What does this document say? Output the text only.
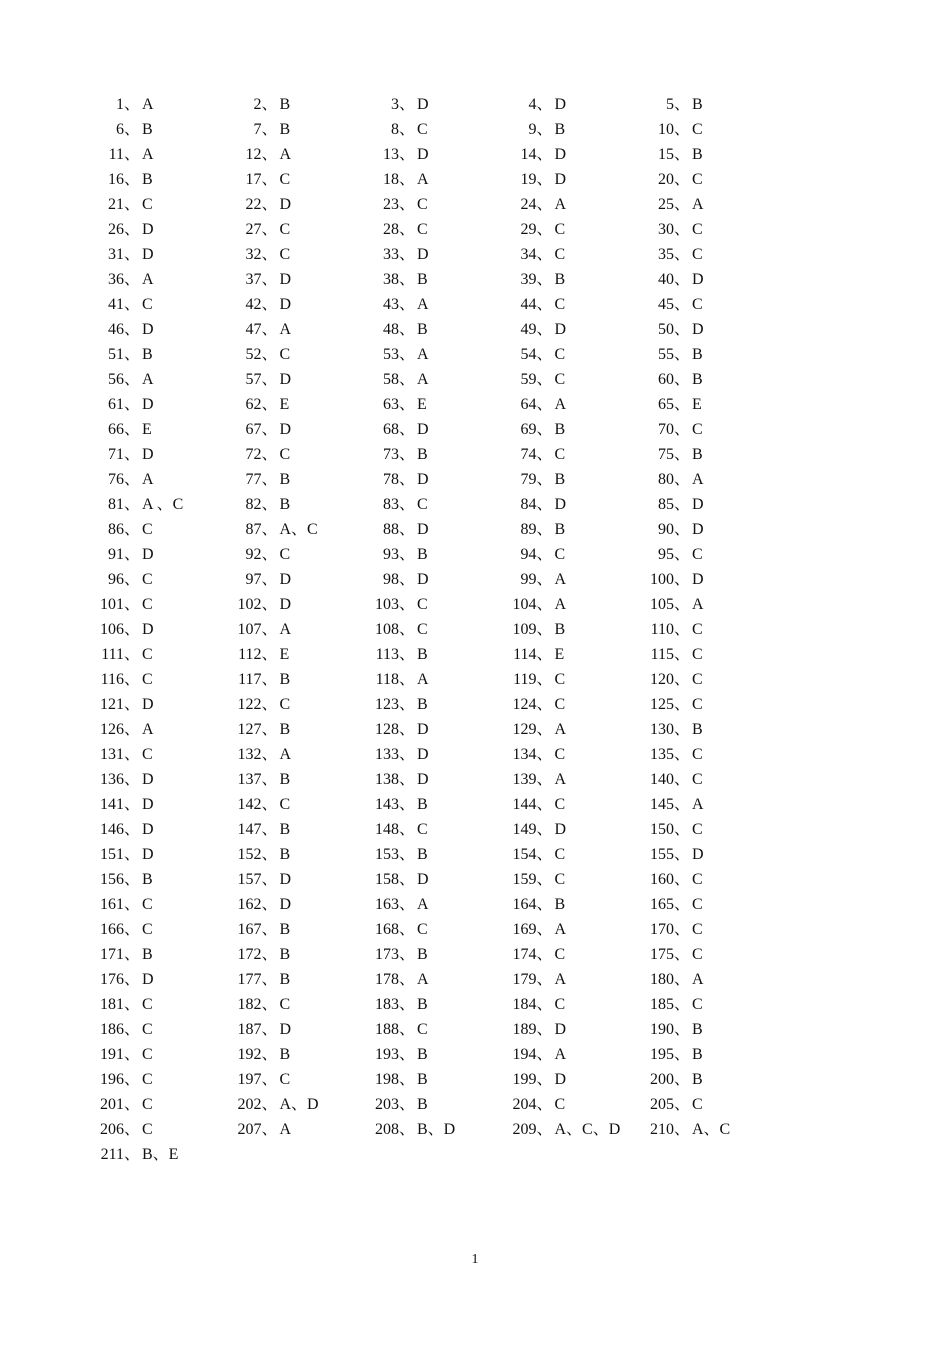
1 、 A	2 、 B	3 、 D	4 、 D	5 、 B
6 、 B	7 、 B	8 、 C	9 、 B	10 、 C
11 、 A	12 、 A	13 、 D	14 、 D	15 、 B
16 、 B	17 、 C	18 、 A	19 、 D	20 、 C
21 、 C	22 、 D	23 、 C	24 、 A	25 、 A
26 、 D	27 、 C	28 、 C	29 、 C	30 、 C
31 、 D	32 、 C	33 、 D	34 、 C	35 、 C
36 、 A	37 、 D	38 、 B	39 、 B	40 、 D
41 、 C	42 、 D	43 、 A	44 、 C	45 、 C
46 、 D	47 、 A	48 、 B	49 、 D	50 、 D
51 、 B	52 、 C	53 、 A	54 、 C	55 、 B
56 、 A	57 、 D	58 、 A	59 、 C	60 、 B
61 、 D	62 、 E	63 、 E	64 、 A	65 、 E
66 、 E	67 、 D	68 、 D	69 、 B	70 、 C
71 、 D	72 、 C	73 、 B	74 、 C	75 、 B
76 、 A	77 、 B	78 、 D	79 、 B	80 、 A
81 、 A 、C	82 、 B	83 、 C	84 、 D	85 、 D
86 、 C	87 、 A、C	88 、 D	89 、 B	90 、 D
91 、 D	92 、 C	93 、 B	94 、 C	95 、 C
96 、 C	97 、 D	98 、 D	99 、 A	100 、 D
101 、 C	102 、 D	103 、 C	104 、 A	105 、 A
106 、 D	107 、 A	108 、 C	109 、 B	110 、 C
111 、 C	112 、 E	113 、 B	114 、 E	115 、 C
116 、 C	117 、 B	118 、 A	119 、 C	120 、 C
121 、 D	122 、 C	123 、 B	124 、 C	125 、 C
126 、 A	127 、 B	128 、 D	129 、 A	130 、 B
131 、 C	132 、 A	133 、 D	134 、 C	135 、 C
136 、 D	137 、 B	138 、 D	139 、 A	140 、 C
141 、 D	142 、 C	143 、 B	144 、 C	145 、 A
146 、 D	147 、 B	148 、 C	149 、 D	150 、 C
151 、 D	152 、 B	153 、 B	154 、 C	155 、 D
156 、 B	157 、 D	158 、 D	159 、 C	160 、 C
161 、 C	162 、 D	163 、 A	164 、 B	165 、 C
166 、 C	167 、 B	168 、 C	169 、 A	170 、 C
171 、 B	172 、 B	173 、 B	174 、 C	175 、 C
176 、 D	177 、 B	178 、 A	179 、 A	180 、 A
181 、 C	182 、 C	183 、 B	184 、 C	185 、 C
186 、 C	187 、 D	188 、 C	189 、 D	190 、 B
191 、 C	192 、 B	193 、 B	194 、 A	195 、 B
196 、 C	197 、 C	198 、 B	199 、 D	200 、 B
201 、 C	202 、 A、D	203 、 B	204 、 C	205 、 C
206 、 C	207 、 A	208 、 B、D	209 、 A、C、D	210 、 A、C
211 、 B、E
1
